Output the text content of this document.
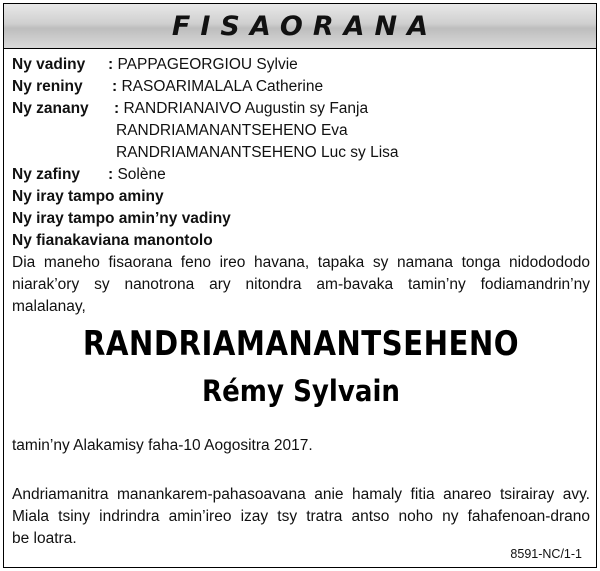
FISAORANA
Ny vadiny : PAPPAGEORGIOU Sylvie
Ny reniny : RASOARIMALALA Catherine
Ny zanany : RANDRIANAIVO Augustin sy Fanja
RANDRIAMANANTSEHENO Eva
RANDRIAMANANTSEHENO Luc sy Lisa
Ny zafiny : Solène
Ny iray tampo aminy
Ny iray tampo amin’ny vadiny
Ny fianakaviana manontolo
Dia maneho fisaorana feno ireo havana, tapaka sy namana tonga nidodododo
niarak’ory sy nanotrona ary nitondra am-bavaka tamin’ny fodiamandrin’ny malalanay,
RANDRIAMANANTSEHENO
Rémy Sylvain
tamin’ny Alakamisy faha-10 Aogositra 2017.
Andriamanitra manankarem-pahasoavana anie hamaly fitia anareo tsirairay avy.
Miala tsiny indrindra amin’ireo izay tsy tratra antso noho ny fahafenoan-drano
be loatra.
8591-NC/1-1
